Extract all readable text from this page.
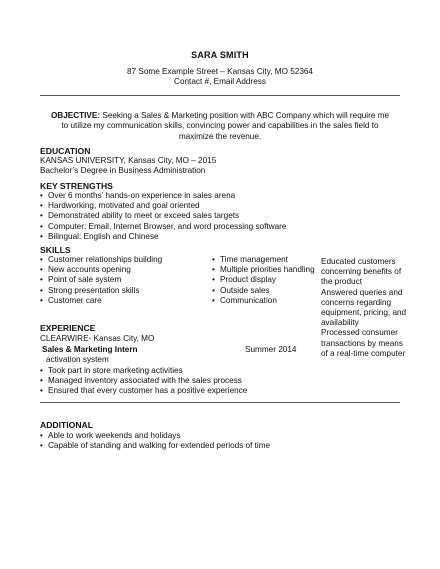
SARA SMITH
87 Some Example Street – Kansas City, MO 52364
Contact #, Email Address
OBJECTIVE: Seeking a Sales & Marketing position with ABC Company which will require me to utilize my communication skills, convincing power and capabilities in the sales field to maximize the revenue.
EDUCATION
KANSAS UNIVERSITY, Kansas City, MO – 2015
Bachelor’s Degree in Business Administration
KEY STRENGTHS
• Over 6 months’ hands-on experience in sales arena
• Hardworking, motivated and goal oriented
• Demonstrated ability to meet or exceed sales targets
• Computer: Email, Internet Browser, and word processing software
• Bilingual: English and Chinese
SKILLS
• Customer relationships building
• New accounts opening
• Point of sale system
• Strong presentation skills
• Customer care
• Time management
• Multiple priorities handling
• Product display
• Outside sales
• Communication

Educated customers concerning benefits of the product

Answered queries and concerns regarding equipment, pricing, and availability

Processed consumer transactions by means of a real-time computer

EXPERIENCE
CLEARWIRE- Kansas City, MO
Sales & Marketing Intern	Summer 2014
activation system
• Took part in store marketing activities
• Managed inventory associated with the sales process
• Ensured that every customer has a positive experience
ADDITIONAL
• Able to work weekends and holidays
• Capable of standing and walking for extended periods of time
